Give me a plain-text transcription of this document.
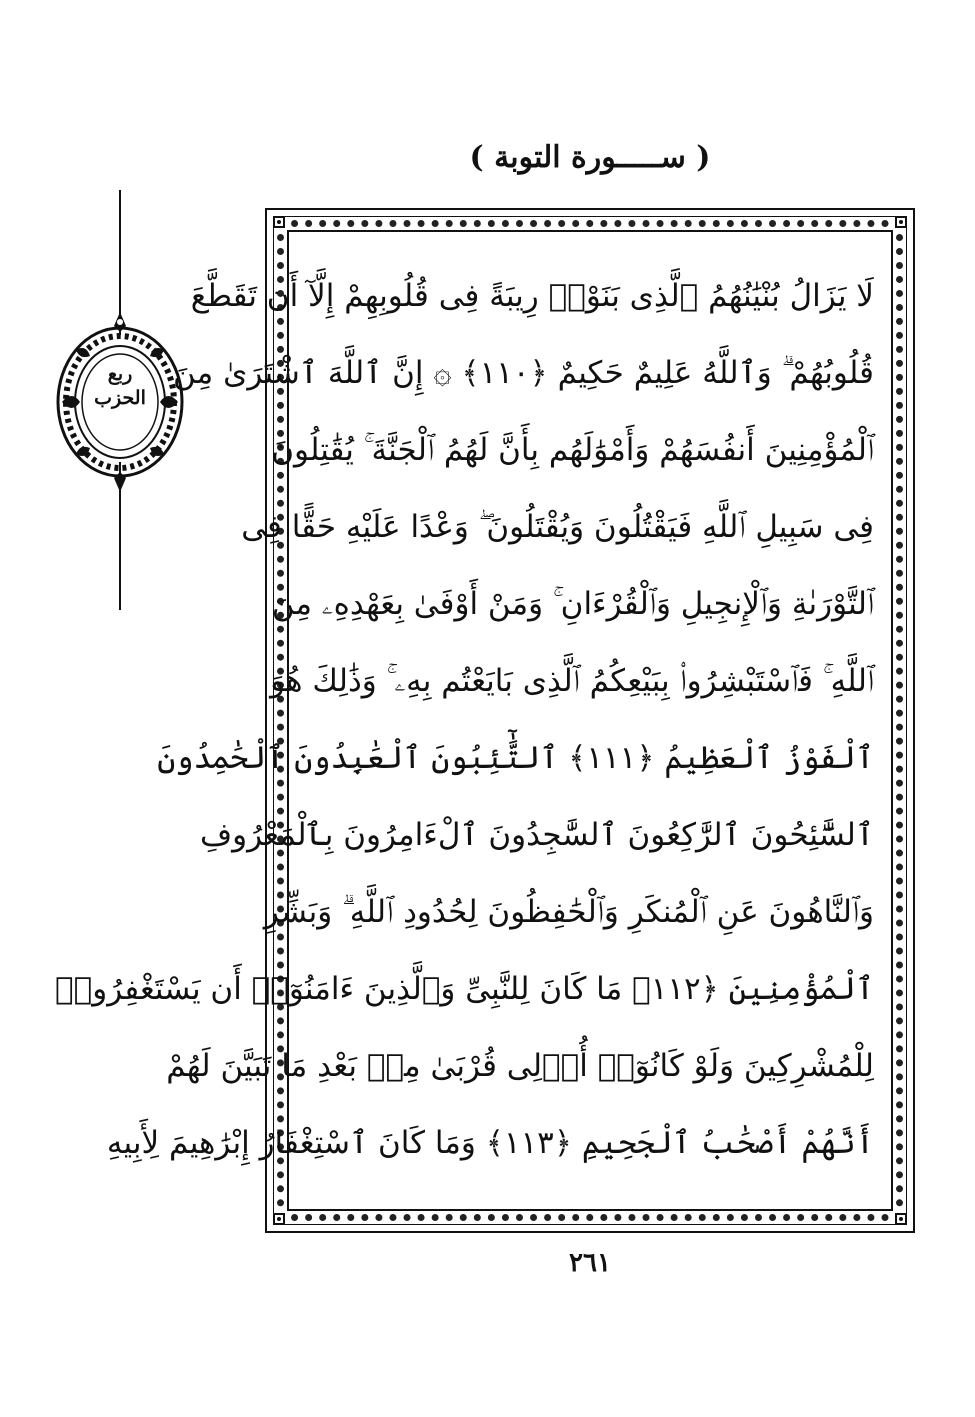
( ســـــورة التوبة )
ربع
الحزب
لَا يَزَالُ بُنْيَٰنُهُمُ ٱلَّذِى بَنَوْا۟ رِيبَةً فِى قُلُوبِهِمْ إِلَّآ أَن تَقَطَّعَ
قُلُوبُهُمْ ۗ وَٱللَّهُ عَلِيمٌ حَكِيمٌ ﴿١١٠﴾ ۞ إِنَّ ٱللَّهَ ٱشْتَرَىٰ مِنَ
ٱلْمُؤْمِنِينَ أَنفُسَهُمْ وَأَمْوَٰلَهُم بِأَنَّ لَهُمُ ٱلْجَنَّةَ ۚ يُقَٰتِلُونَ
فِى سَبِيلِ ٱللَّهِ فَيَقْتُلُونَ وَيُقْتَلُونَ ۖ وَعْدًا عَلَيْهِ حَقًّا فِى
ٱلتَّوْرَىٰةِ وَٱلْإِنجِيلِ وَٱلْقُرْءَانِ ۚ وَمَنْ أَوْفَىٰ بِعَهْدِهِۦ مِنَ
ٱللَّهِ ۚ فَٱسْتَبْشِرُوا۟ بِبَيْعِكُمُ ٱلَّذِى بَايَعْتُم بِهِۦ ۚ وَذَٰلِكَ هُوَ
ٱلْفَوْزُ ٱلْعَظِيمُ ﴿١١١﴾ ٱلتَّٰٓئِبُونَ ٱلْعَٰبِدُونَ ٱلْحَٰمِدُونَ
ٱلسَّٰٓئِحُونَ ٱلرَّٰكِعُونَ ٱلسَّٰجِدُونَ ٱلْءَامِرُونَ بِٱلْمَعْرُوفِ
وَٱلنَّاهُونَ عَنِ ٱلْمُنكَرِ وَٱلْحَٰفِظُونَ لِحُدُودِ ٱللَّهِ ۗ وَبَشِّرِ
ٱلْمُؤْمِنِينَ ﴿١١٢﴾ مَا كَانَ لِلنَّبِىِّ وَٱلَّذِينَ ءَامَنُوٓا۟ أَن يَسْتَغْفِرُوا۟
لِلْمُشْرِكِينَ وَلَوْ كَانُوٓا۟ أُو۟لِى قُرْبَىٰ مِنۢ بَعْدِ مَا تَبَيَّنَ لَهُمْ
أَنَّهُمْ أَصْحَٰبُ ٱلْجَحِيمِ ﴿١١٣﴾ وَمَا كَانَ ٱسْتِغْفَارُ إِبْرَٰهِيمَ لِأَبِيهِ
٢٦١
